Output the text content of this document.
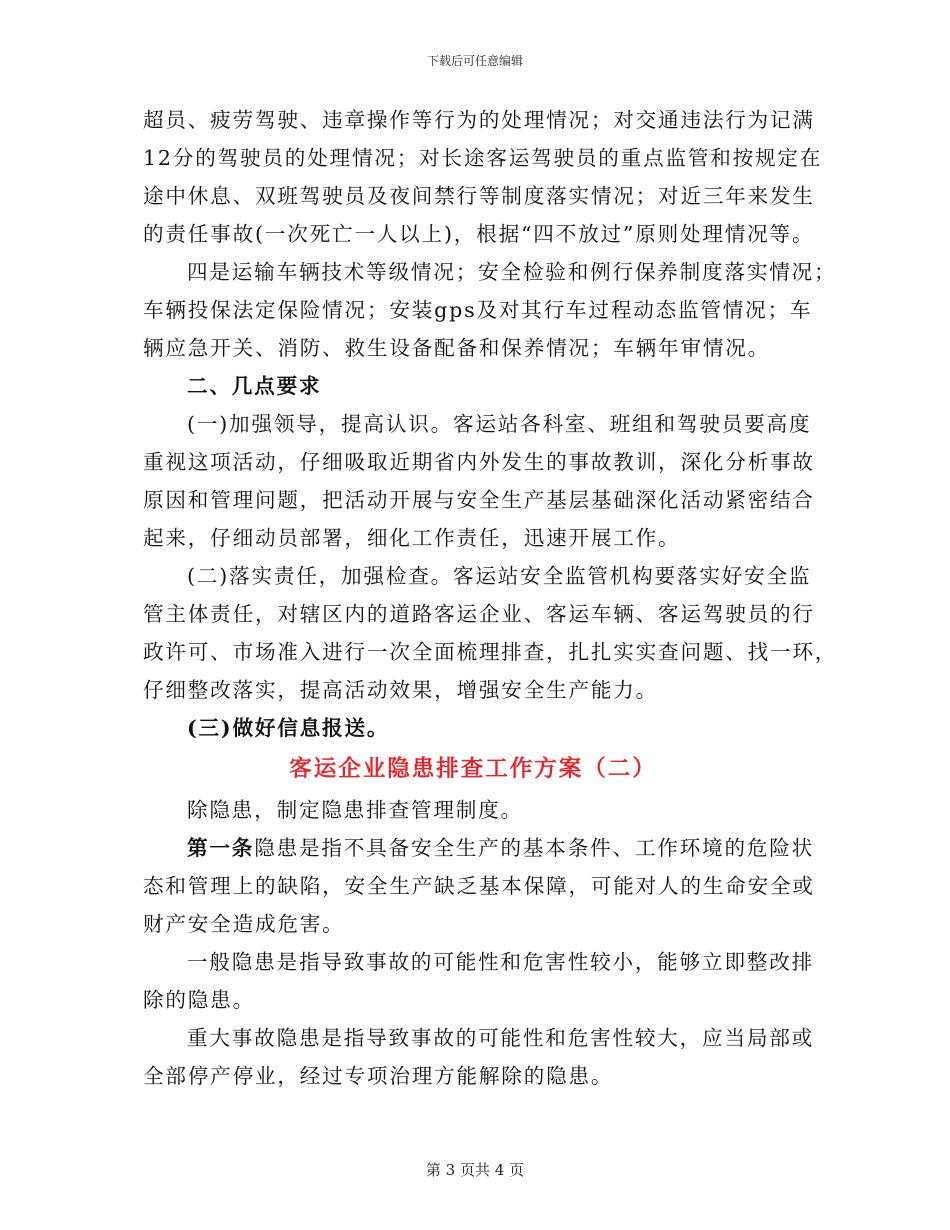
下载后可任意编辑
超员、疲劳驾驶、违章操作等行为的处理情况；对交通违法行为记满
12分的驾驶员的处理情况；对长途客运驾驶员的重点监管和按规定在
途中休息、双班驾驶员及夜间禁行等制度落实情况；对近三年来发生
的责任事故(一次死亡一人以上)，根据“四不放过”原则处理情况等。
四是运输车辆技术等级情况；安全检验和例行保养制度落实情况；
车辆投保法定保险情况；安装gps及对其行车过程动态监管情况；车
辆应急开关、消防、救生设备配备和保养情况；车辆年审情况。
二、几点要求
(一)加强领导，提高认识。客运站各科室、班组和驾驶员要高度
重视这项活动，仔细吸取近期省内外发生的事故教训，深化分析事故
原因和管理问题，把活动开展与安全生产基层基础深化活动紧密结合
起来，仔细动员部署，细化工作责任，迅速开展工作。
(二)落实责任，加强检查。客运站安全监管机构要落实好安全监
管主体责任，对辖区内的道路客运企业、客运车辆、客运驾驶员的行
政许可、市场准入进行一次全面梳理排查，扎扎实实查问题、找一环，
仔细整改落实，提高活动效果，增强安全生产能力。
(三)做好信息报送。
客运企业隐患排查工作方案（二）
除隐患，制定隐患排查管理制度。
第一条隐患是指不具备安全生产的基本条件、工作环境的危险状
态和管理上的缺陷，安全生产缺乏基本保障，可能对人的生命安全或
财产安全造成危害。
一般隐患是指导致事故的可能性和危害性较小，能够立即整改排
除的隐患。
重大事故隐患是指导致事故的可能性和危害性较大，应当局部或
全部停产停业，经过专项治理方能解除的隐患。
第 3 页共 4 页
